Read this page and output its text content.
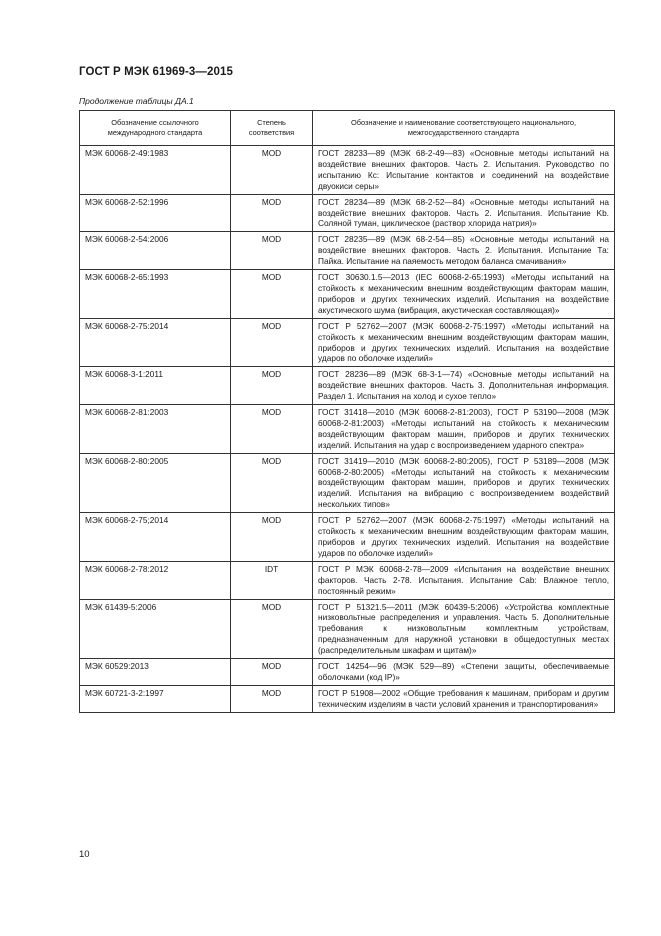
ГОСТ Р МЭК 61969-3—2015
Продолжение таблицы ДА.1
Обозначение ссылочного международного стандарта	Степень соответствия	Обозначение и наименование соответствующего национального, межгосударственного стандарта
МЭК 60068-2-49:1983	MOD	ГОСТ 28233—89 (МЭК 68-2-49—83) «Основные методы испытаний на воздействие внешних факторов. Часть 2. Испытания. Руководство по испытанию Кс: Испытание контактов и соединений на воздействие двуокиси серы»
МЭК 60068-2-52:1996	MOD	ГОСТ 28234—89 (МЭК 68-2-52—84) «Основные методы испытаний на воздействие внешних факторов. Часть 2. Испытания. Испытание Kb. Соляной туман, циклическое (раствор хлорида натрия)»
МЭК 60068-2-54:2006	MOD	ГОСТ 28235—89 (МЭК 68-2-54—85) «Основные методы испытаний на воздействие внешних факторов. Часть 2. Испытания. Испытание Та: Пайка. Испытание на паяемость методом баланса смачивания»
МЭК 60068-2-65:1993	MOD	ГОСТ 30630.1.5—2013 (IEC 60068-2-65:1993) «Методы испытаний на стойкость к механическим внешним воздействующим факторам машин, приборов и других технических изделий. Испытания на воздействие акустического шума (вибрация, акустическая составляющая)»
МЭК 60068-2-75:2014	MOD	ГОСТ Р 52762—2007 (МЭК 60068-2-75:1997) «Методы испытаний на стойкость к механическим внешним воздействующим факторам машин, приборов и других технических изделий. Испытания на воздействие ударов по оболочке изделий»
МЭК 60068-3-1:2011	MOD	ГОСТ 28236—89 (МЭК 68-3-1—74) «Основные методы испытаний на воздействие внешних факторов. Часть 3. Дополнительная информация. Раздел 1. Испытания на холод и сухое тепло»
МЭК 60068-2-81:2003	MOD	ГОСТ 31418—2010 (МЭК 60068-2-81:2003), ГОСТ Р 53190—2008 (МЭК 60068-2-81:2003) «Методы испытаний на стойкость к механическим воздействующим факторам машин, приборов и других технических изделий. Испытания на удар с воспроизведением ударного спектра»
МЭК 60068-2-80:2005	MOD	ГОСТ 31419—2010 (МЭК 60068-2-80:2005), ГОСТ Р 53189—2008 (МЭК 60068-2-80:2005) «Методы испытаний на стойкость к механическим воздействующим факторам машин, приборов и других технических изделий. Испытания на вибрацию с воспроизведением воздействий нескольких типов»
МЭК 60068-2-75;2014	MOD	ГОСТ Р 52762—2007 (МЭК 60068-2-75:1997) «Методы испытаний на стойкость к механическим внешним воздействующим факторам машин, приборов и других технических изделий. Испытания на воздействие ударов по оболочке изделий»
МЭК 60068-2-78:2012	IDT	ГОСТ Р МЭК 60068-2-78—2009 «Испытания на воздействие внешних факторов. Часть 2-78. Испытания. Испытание Cab: Влажное тепло, постоянный режим»
МЭК 61439-5:2006	MOD	ГОСТ Р 51321.5—2011 (МЭК 60439-5:2006) «Устройства комплектные низковольтные распределения и управления. Часть 5. Дополнительные требования к низковольтным комплектным устройствам, предназначенным для наружной установки в общедоступных местах (распределительным шкафам и щитам)»
МЭК 60529:2013	MOD	ГОСТ 14254—96 (МЭК 529—89) «Степени защиты, обеспечиваемые оболочками (код IP)»
МЭК 60721-3-2:1997	MOD	ГОСТ Р 51908—2002 «Общие требования к машинам, приборам и другим техническим изделиям в части условий хранения и транспортирования»
10
